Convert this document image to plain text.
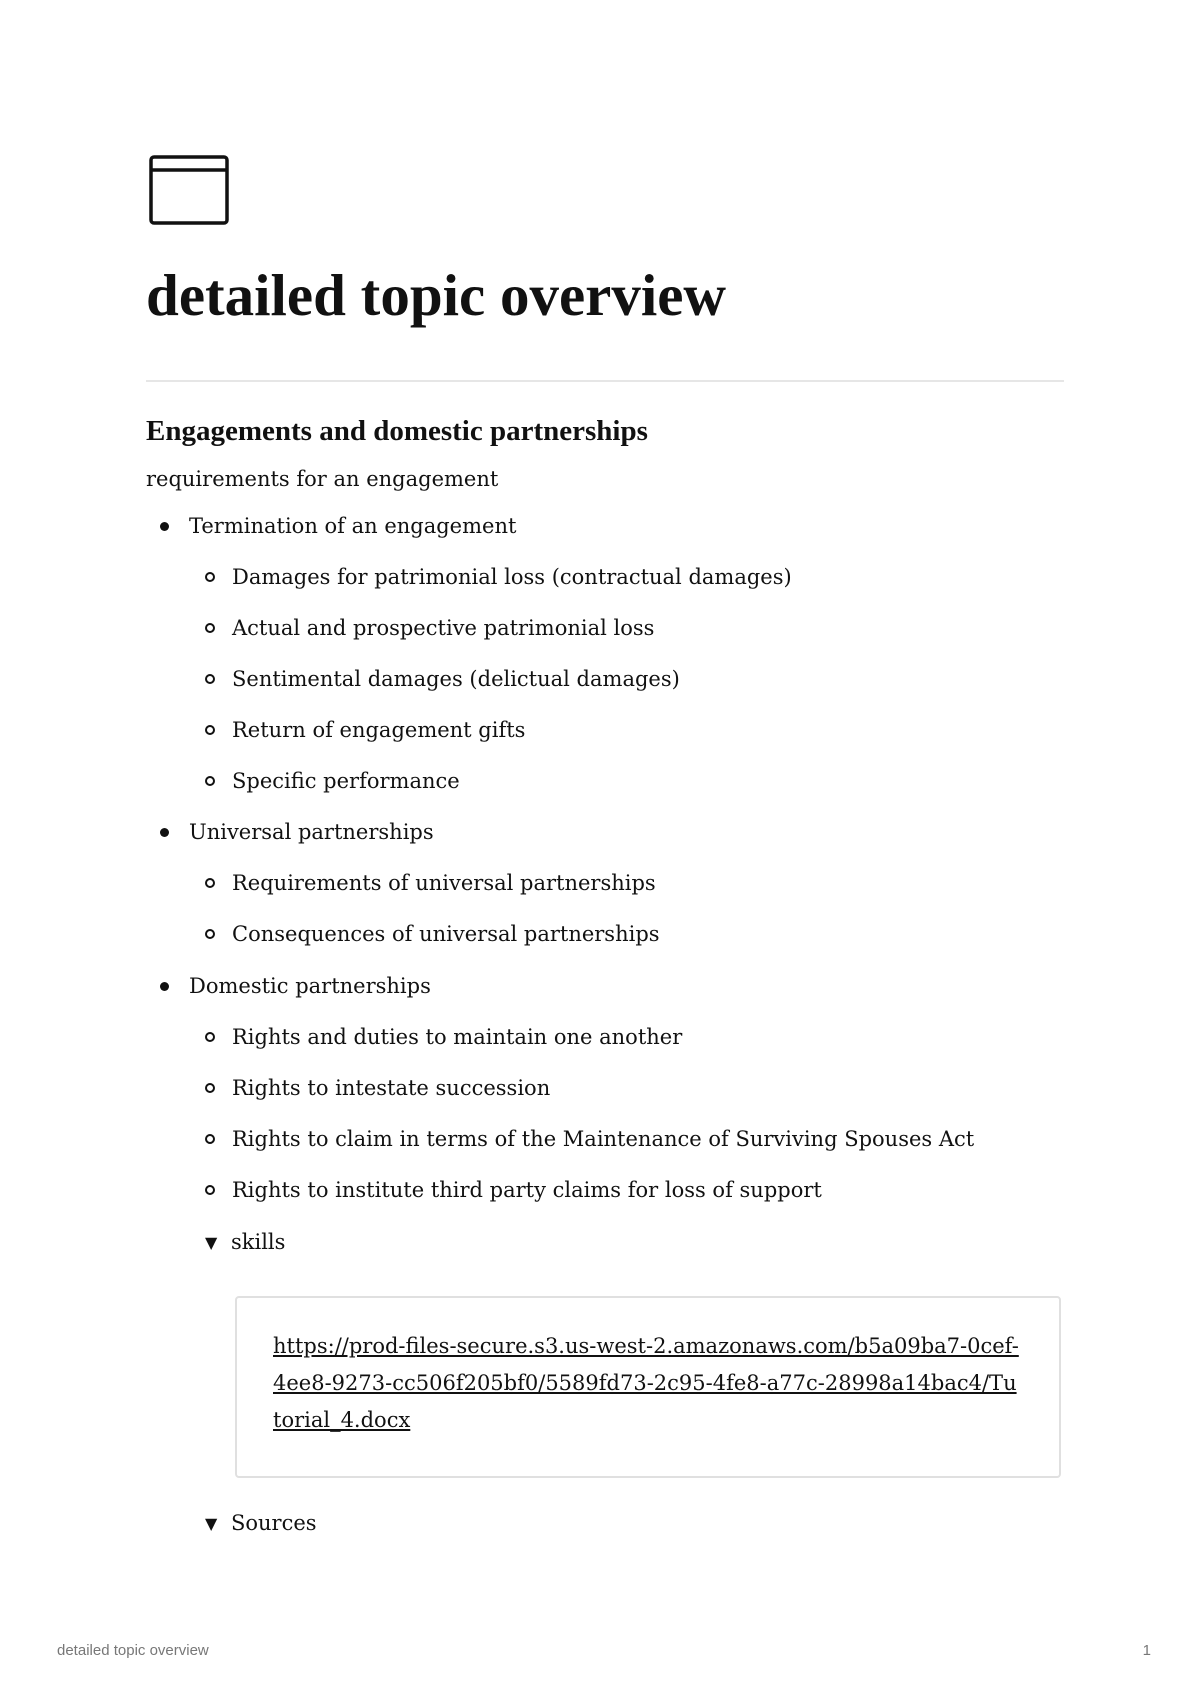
detailed topic overview
Engagements and domestic partnerships

requirements for an engagement

Termination of an engagement
Damages for patrimonial loss (contractual damages)
Actual and prospective patrimonial loss
Sentimental damages (delictual damages)
Return of engagement gifts
Specific performance
Universal partnerships
Requirements of universal partnerships
Consequences of universal partnerships
Domestic partnerships
Rights and duties to maintain one another
Rights to intestate succession
Rights to claim in terms of the Maintenance of Surviving Spouses Act
Rights to institute third party claims for loss of support
▼ skills
https://prod-files-secure.s3.us-west-2.amazonaws.com/b5a09ba7-0cef-4ee8-9273-cc506f205bf0/5589fd73-2c95-4fe8-a77c-28998a14bac4/Tutorial_4.docx
▼ Sources
detailed topic overview	1
